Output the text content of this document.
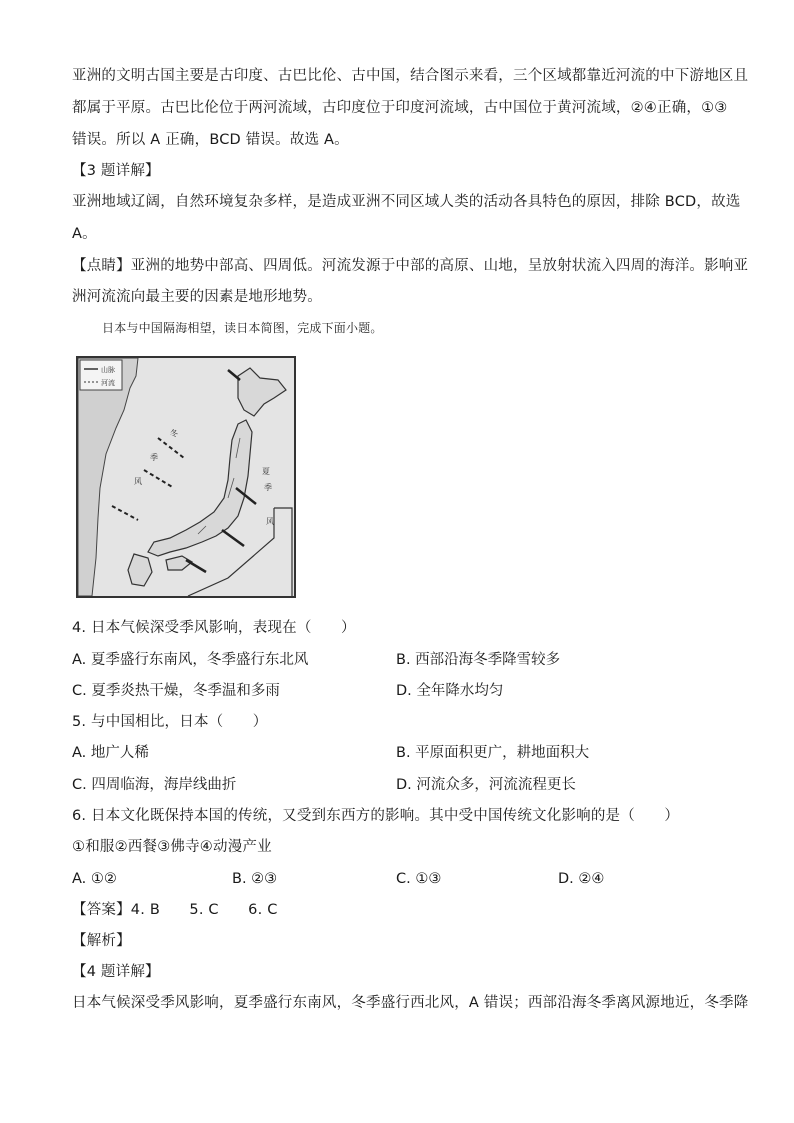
亚洲的文明古国主要是古印度、古巴比伦、古中国，结合图示来看，三个区域都靠近河流的中下游地区且
都属于平原。古巴比伦位于两河流域，古印度位于印度河流域，古中国位于黄河流域，②④正确，①③
错误。所以 A 正确，BCD 错误。故选 A。
【3 题详解】
亚洲地域辽阔，自然环境复杂多样，是造成亚洲不同区域人类的活动各具特色的原因，排除 BCD，故选
A。
【点睛】亚洲的地势中部高、四周低。河流发源于中部的高原、山地，呈放射状流入四周的海洋。影响亚
洲河流流向最主要的因素是地形地势。
日本与中国隔海相望，读日本简图，完成下面小题。
山脉
河流
冬
季
风
夏
季
风
4. 日本气候深受季风影响，表现在（　　）
A. 夏季盛行东南风，冬季盛行东北风	B. 西部沿海冬季降雪较多
C. 夏季炎热干燥，冬季温和多雨	D. 全年降水均匀
5. 与中国相比，日本（　　）
A. 地广人稀	B. 平原面积更广，耕地面积大
C. 四周临海，海岸线曲折	D. 河流众多，河流流程更长
6. 日本文化既保持本国的传统，又受到东西方的影响。其中受中国传统文化影响的是（　　）
①和服②西餐③佛寺④动漫产业
A. ①②	B. ②③	C. ①③	D. ②④
【答案】4. B　　5. C　　6. C
【解析】
【4 题详解】
日本气候深受季风影响，夏季盛行东南风，冬季盛行西北风，A 错误；西部沿海冬季离风源地近，冬季降
